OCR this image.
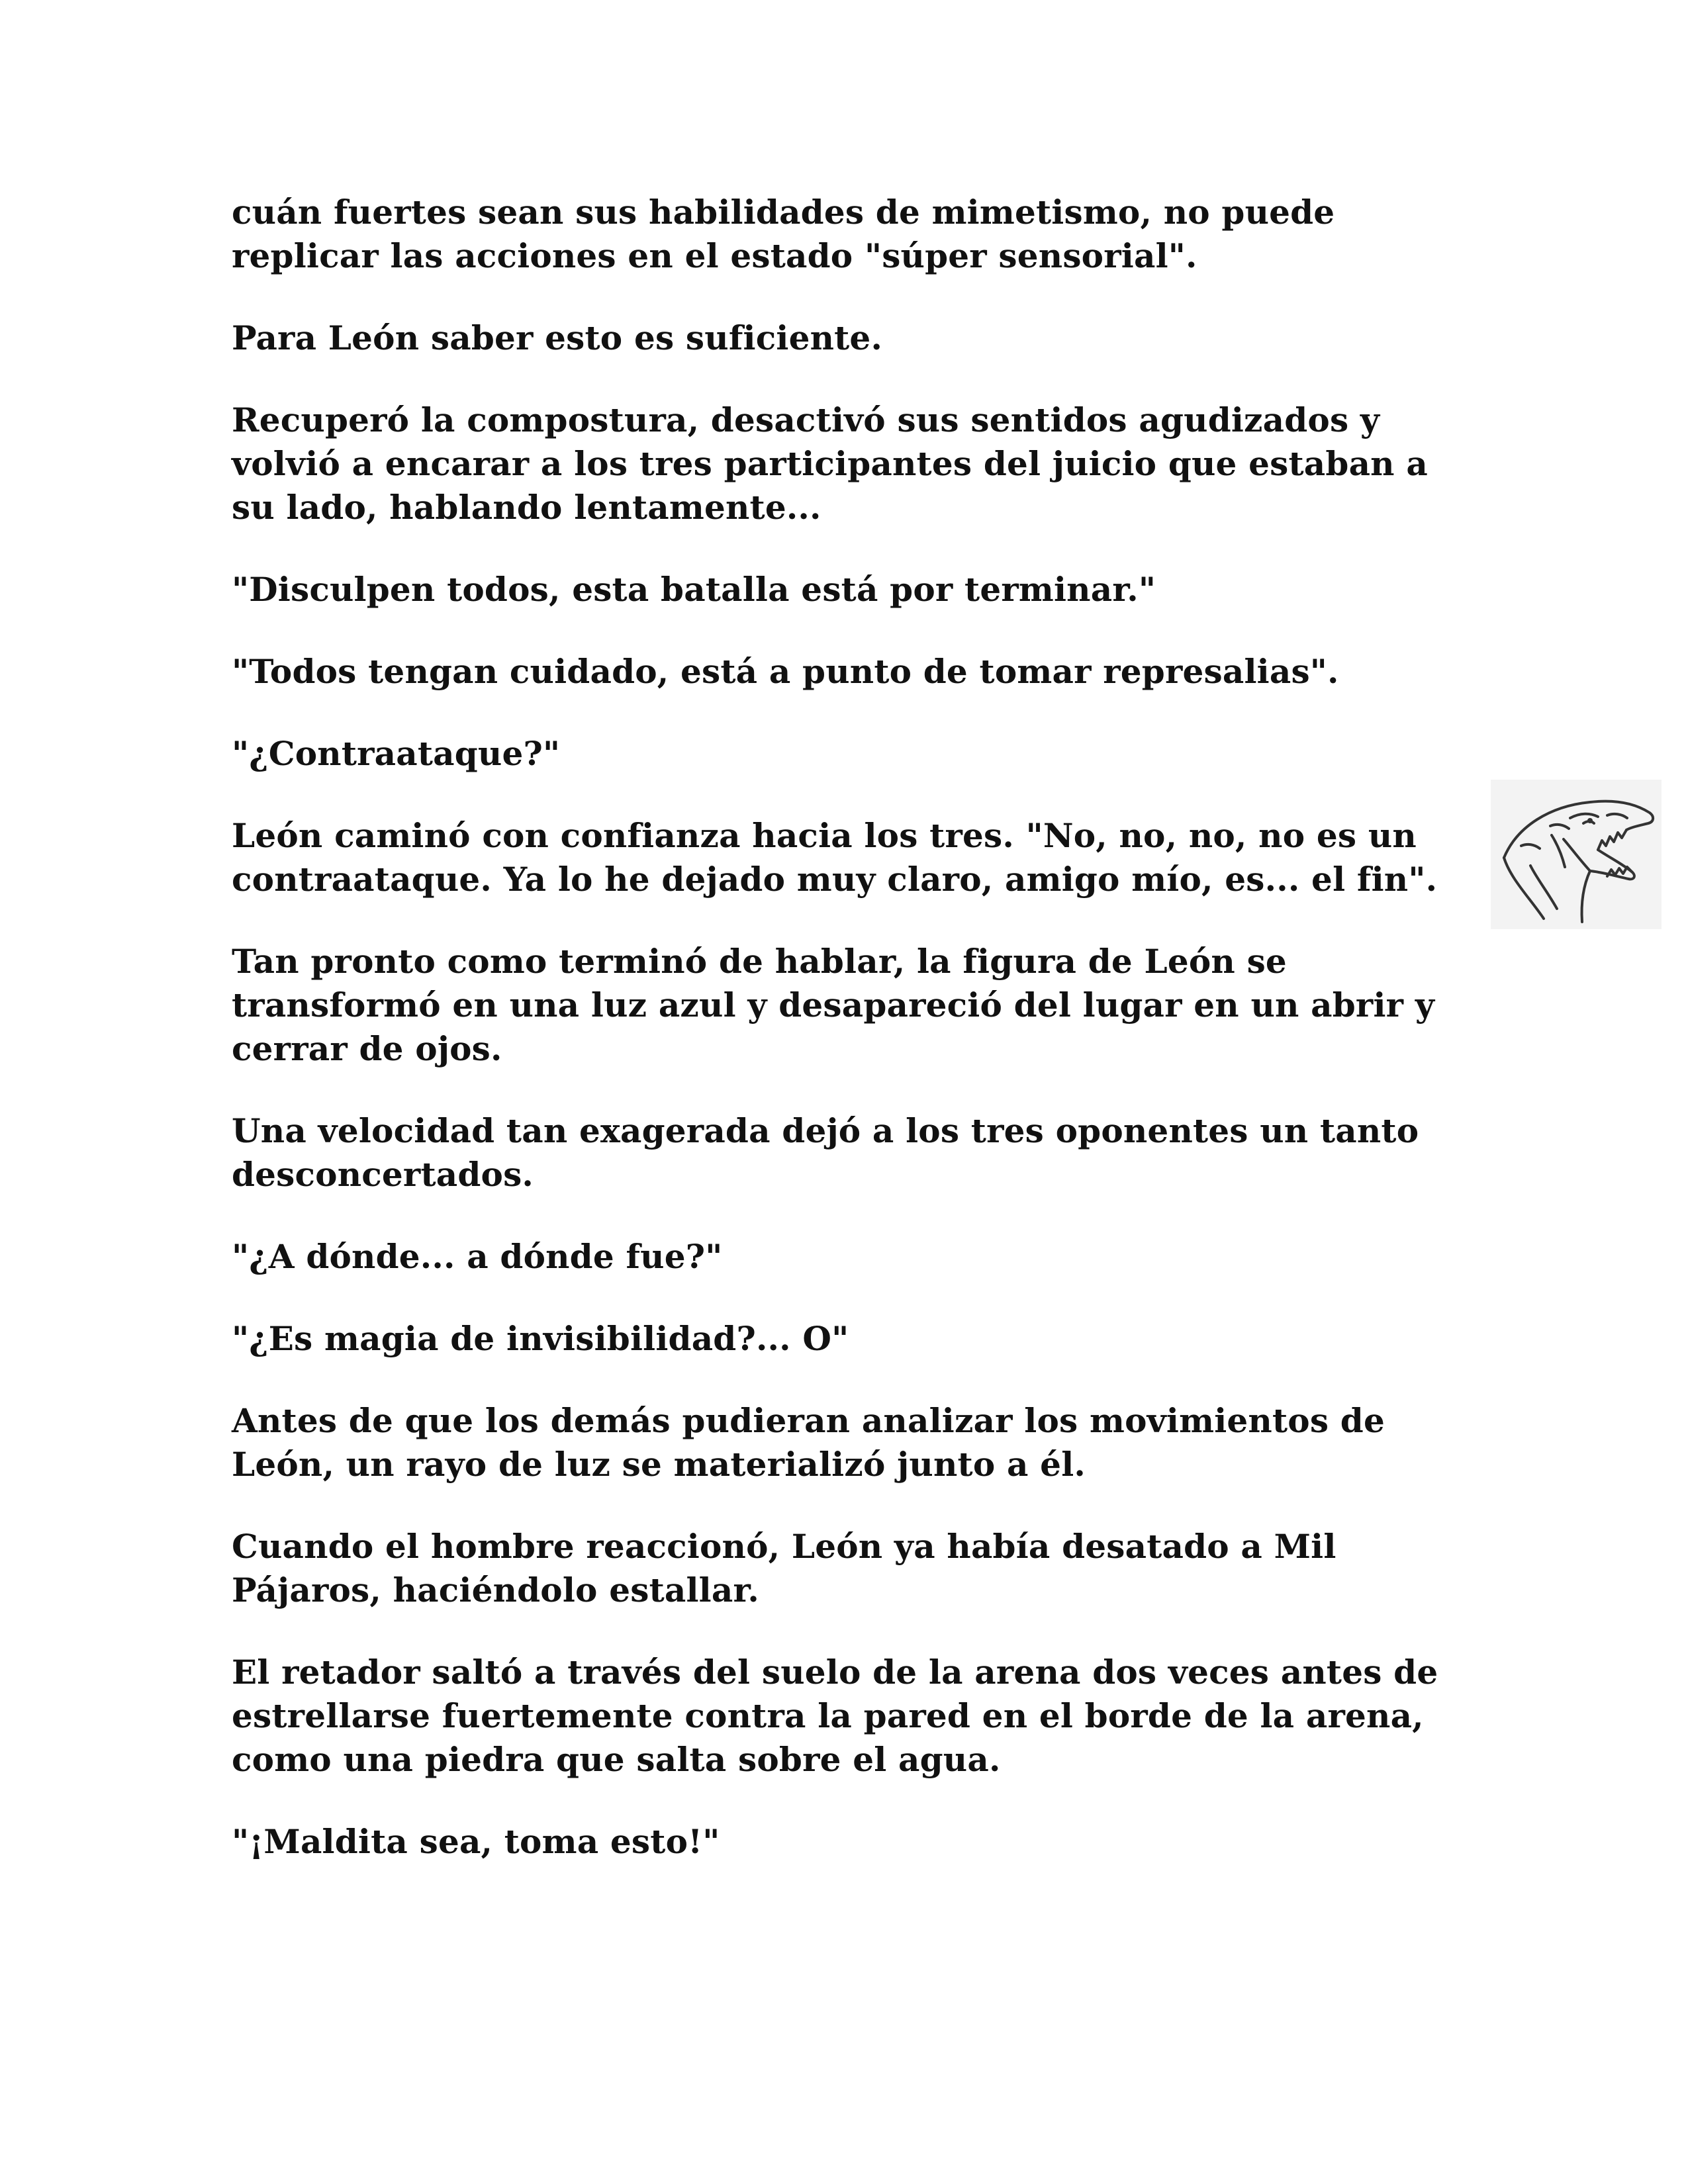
cuán fuertes sean sus habilidades de mimetismo, no puede replicar las acciones en el estado "súper sensorial".

Para León saber esto es suficiente.

Recuperó la compostura, desactivó sus sentidos agudizados y volvió a encarar a los tres participantes del juicio que estaban a su lado, hablando lentamente...

"Disculpen todos, esta batalla está por terminar."

"Todos tengan cuidado, está a punto de tomar represalias".

"¿Contraataque?"

León caminó con confianza hacia los tres. "No, no, no, no es un contraataque. Ya lo he dejado muy claro, amigo mío, es... el fin".

Tan pronto como terminó de hablar, la figura de León se transformó en una luz azul y desapareció del lugar en un abrir y cerrar de ojos.

Una velocidad tan exagerada dejó a los tres oponentes un tanto desconcertados.

"¿A dónde... a dónde fue?"

"¿Es magia de invisibilidad?... O"

Antes de que los demás pudieran analizar los movimientos de León, un rayo de luz se materializó junto a él.

Cuando el hombre reaccionó, León ya había desatado a Mil Pájaros, haciéndolo estallar.

El retador saltó a través del suelo de la arena dos veces antes de estrellarse fuertemente contra la pared en el borde de la arena, como una piedra que salta sobre el agua.

"¡Maldita sea, toma esto!"
